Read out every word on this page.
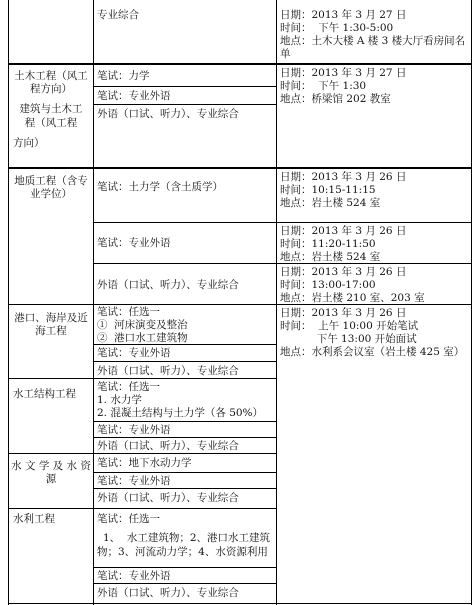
专业综合	日期：2013 年 3 月 27 日
时间：  下午 1:30-5:00
地点：土木大楼 A 楼 3 楼大厅看房间名
单
土木工程（风工
程方向）
建筑与土木工
程（风工程
方向）
笔试：力学
笔试：专业外语
外语（口试、听力）、专业综合
日期：2013 年 3 月 27 日
时间：  下午 1:30
地点：桥梁馆 202 教室
地质工程（含专
业学位）
笔试：土力学（含土质学）
笔试：专业外语
外语（口试、听力）、专业综合
日期：2013 年 3 月 26 日
时间：10:15-11:15
地点：岩土楼 524 室
日期：2013 年 3 月 26 日
时间：11:20-11:50
地点：岩土楼 524 室
日期：2013 年 3 月 26 日
时间：13:00-17:00
地点：岩土楼 210 室、203 室
港口、海岸及近
海工程
笔试：任选一
①  河床演变及整治
②  港口水工建筑物
笔试：专业外语
外语（口试、听力）、专业综合
日期：2013 年 3 月 26 日
时间：  上午 10:00 开始笔试
下午 13:00 开始面试
地点：水利系会议室（岩土楼 425 室）
水工结构工程
笔试：任选一
1. 水力学
2. 混凝土结构与土力学（各 50%）
笔试：专业外语
外语（口试、听力）、专业综合
水 文 学 及 水 资
源
笔试：地下水动力学
笔试：专业外语
外语（口试、听力）、专业综合
水利工程	笔试：任选一
1、  水工建筑物；2、港口水工建筑
物；3、河流动力学；4、水资源利用
笔试：专业外语
外语（口试、听力）、专业综合
